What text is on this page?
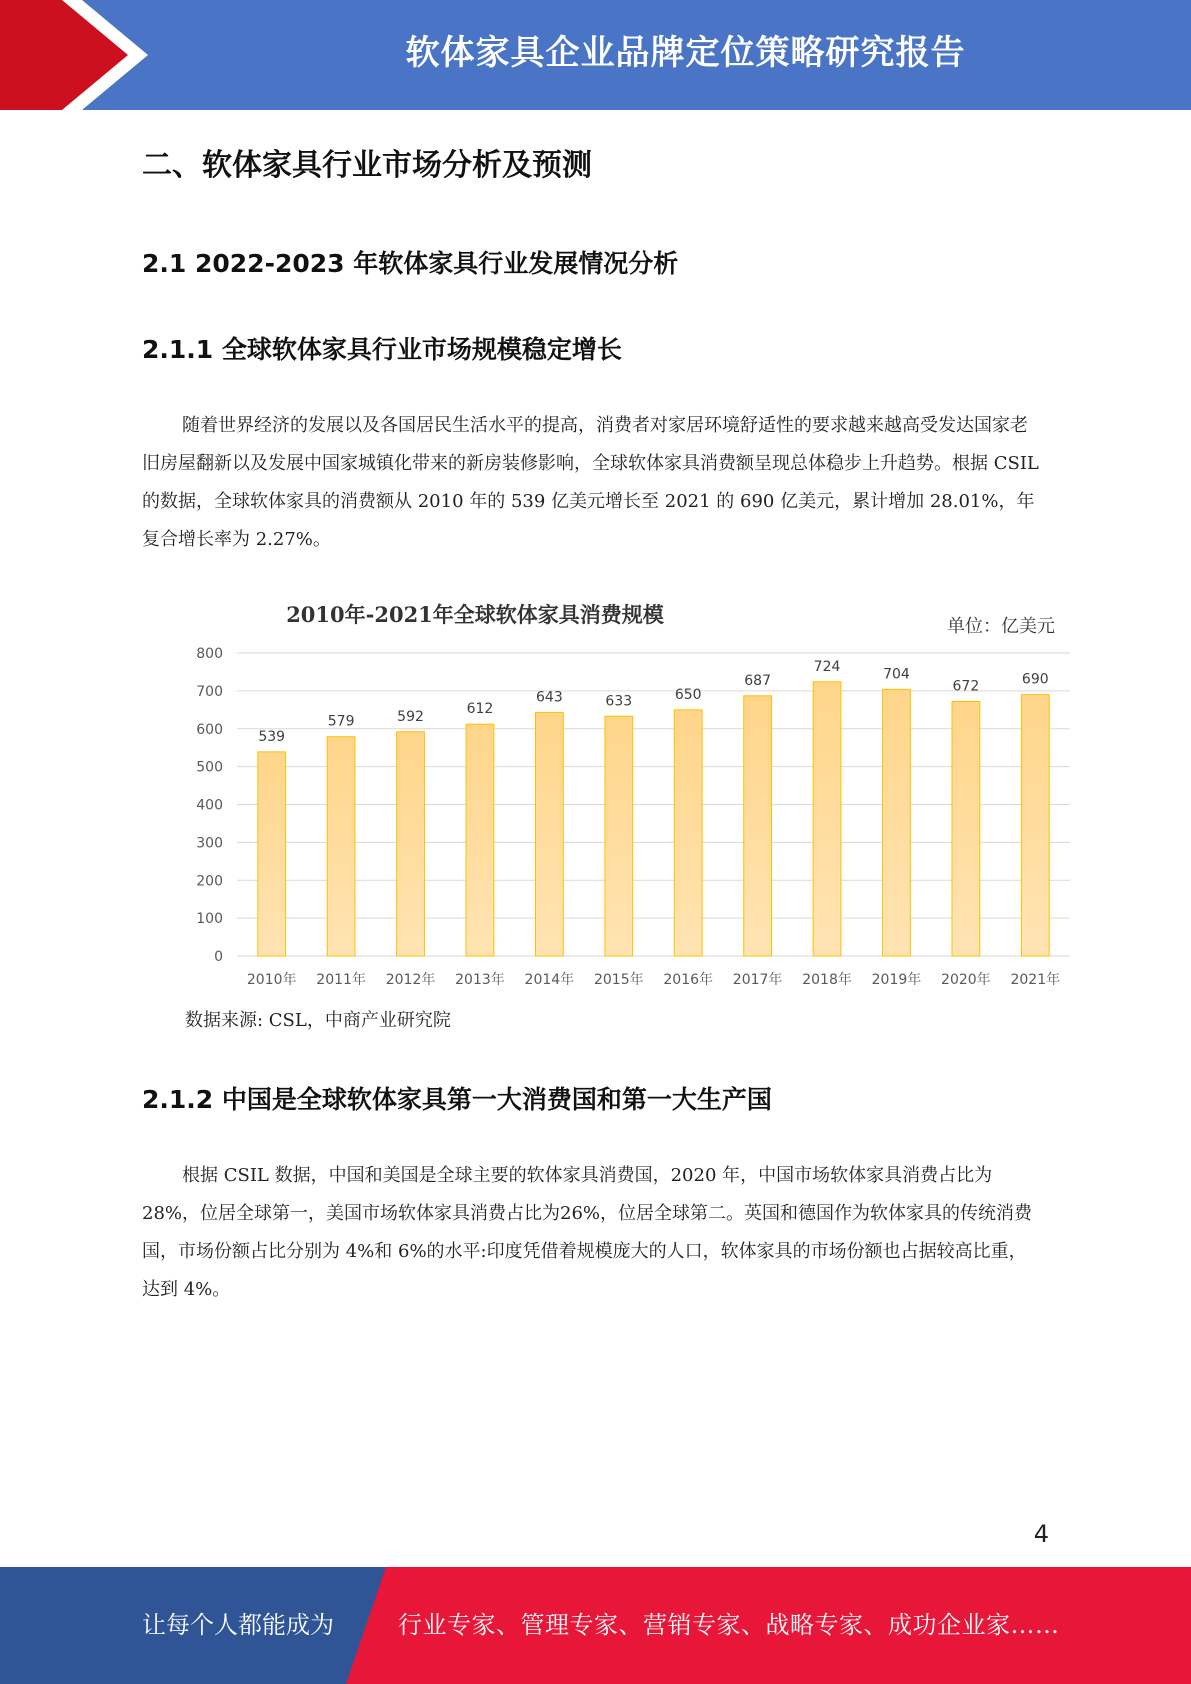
软体家具企业品牌定位策略研究报告
二、软体家具行业市场分析及预测
2.1 2022-2023 年软体家具行业发展情况分析
2.1.1 全球软体家具行业市场规模稳定增长

随着世界经济的发展以及各国居民生活水平的提高，消费者对家居环境舒适性的要求越来越高受发达国家老旧房屋翻新以及发展中国家城镇化带来的新房装修影响，全球软体家具消费额呈现总体稳步上升趋势。根据 CSIL 的数据，全球软体家具的消费额从 2010 年的 539 亿美元增长至 2021 的 690 亿美元，累计增加 28.01%，年复合增长率为 2.27%。

2010年-2021年全球软体家具消费规模	单位：亿美元
0
100
200
300
400
500
600
700
800
539
2010年
579
2011年
592
2012年
612
2013年
643
2014年
633
2015年
650
2016年
687
2017年
724
2018年
704
2019年
672
2020年
690
2021年
数据来源: CSL，中商产业研究院
2.1.2 中国是全球软体家具第一大消费国和第一大生产国

根据 CSIL 数据，中国和美国是全球主要的软体家具消费国，2020 年，中国市场软体家具消费占比为 28%，位居全球第一，美国市场软体家具消费占比为26%，位居全球第二。英国和德国作为软体家具的传统消费国，市场份额占比分别为 4%和 6%的水平:印度凭借着规模庞大的人口，软体家具的市场份额也占据较高比重，达到 4%。

4
让每个人都能成为	行业专家、管理专家、营销专家、战略专家、成功企业家……
